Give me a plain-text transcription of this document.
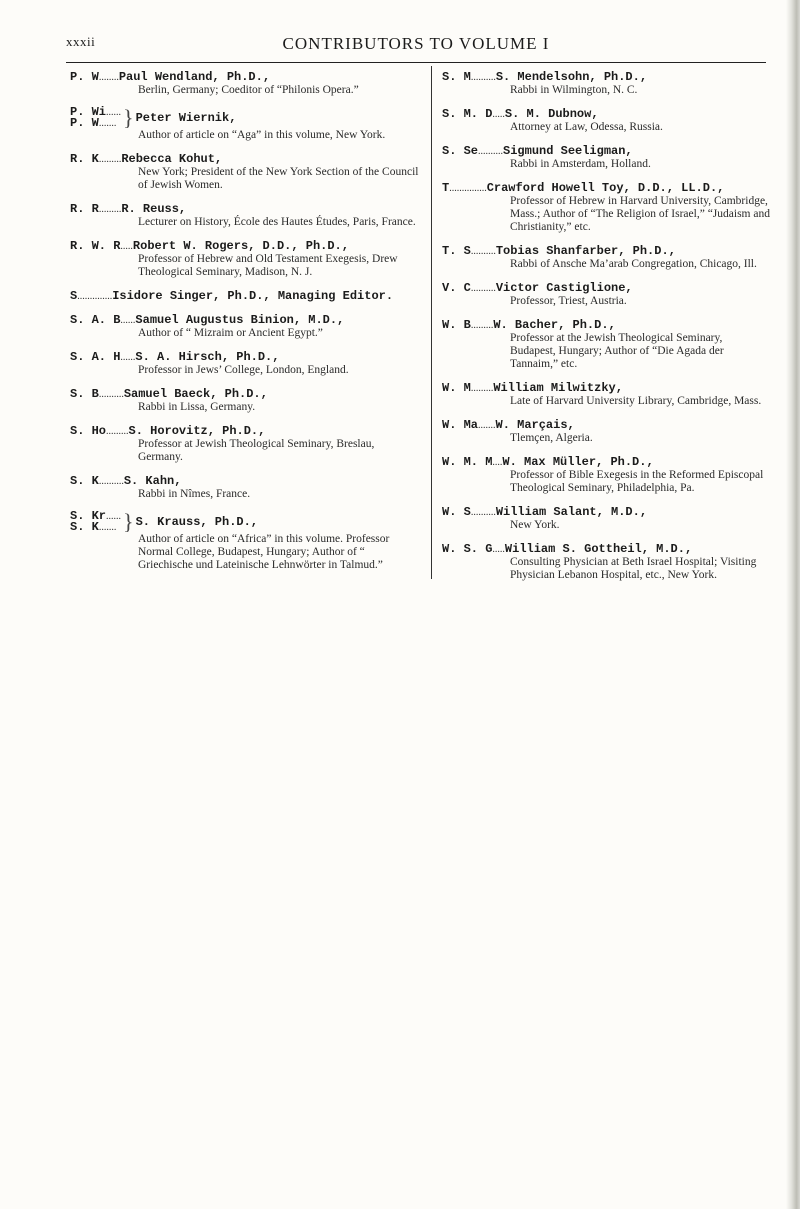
xxxii	CONTRIBUTORS TO VOLUME I
P. W ........ Paul Wendland, Ph.D.,
Berlin, Germany; Coeditor of “Philonis Opera.”
P. Wi ......
P. W ....... } Peter Wiernik,
Author of article on “Aga” in this volume, New York.
R. K ......... Rebecca Kohut,
New York; President of the New York Section of the Council of Jewish Women.
R. R ......... R. Reuss,
Lecturer on History, École des Hautes Études, Paris, France.
R. W. R ..... Robert W. Rogers, D.D., Ph.D.,
Professor of Hebrew and Old Testament Exegesis, Drew Theological Seminary, Madison, N. J.
S .............. Isidore Singer, Ph.D., Managing Editor.
S. A. B ...... Samuel Augustus Binion, M.D.,
Author of “ Mizraim or Ancient Egypt.”
S. A. H ...... S. A. Hirsch, Ph.D.,
Professor in Jews’ College, London, England.
S. B .......... Samuel Baeck, Ph.D.,
Rabbi in Lissa, Germany.
S. Ho ......... S. Horovitz, Ph.D.,
Professor at Jewish Theological Seminary, Breslau, Germany.
S. K .......... S. Kahn,
Rabbi in Nîmes, France.
S. Kr ......
S. K ....... } S. Krauss, Ph.D.,
Author of article on “Africa” in this volume. Professor Normal College, Budapest, Hungary; Author of “ Griechische und Lateinische Lehnwörter in Talmud.”
S. M .......... S. Mendelsohn, Ph.D.,
Rabbi in Wilmington, N. C.
S. M. D ..... S. M. Dubnow,
Attorney at Law, Odessa, Russia.
S. Se .......... Sigmund Seeligman,
Rabbi in Amsterdam, Holland.
T ............... Crawford Howell Toy, D.D., LL.D.,
Professor of Hebrew in Harvard University, Cambridge, Mass.; Author of “The Religion of Israel,” “Judaism and Christianity,” etc.
T. S .......... Tobias Shanfarber, Ph.D.,
Rabbi of Ansche Ma’arab Congregation, Chicago, Ill.
V. C .......... Victor Castiglione,
Professor, Triest, Austria.
W. B ......... W. Bacher, Ph.D.,
Professor at the Jewish Theological Seminary, Budapest, Hungary; Author of “Die Agada der Tannaim,” etc.
W. M ......... William Milwitzky,
Late of Harvard University Library, Cambridge, Mass.
W. Ma ....... W. Marçais,
Tlemçen, Algeria.
W. M. M .... W. Max Müller, Ph.D.,
Professor of Bible Exegesis in the Reformed Episcopal Theological Seminary, Philadelphia, Pa.
W. S .......... William Salant, M.D.,
New York.
W. S. G ..... William S. Gottheil, M.D.,
Consulting Physician at Beth Israel Hospital; Visiting Physician Lebanon Hospital, etc., New York.
